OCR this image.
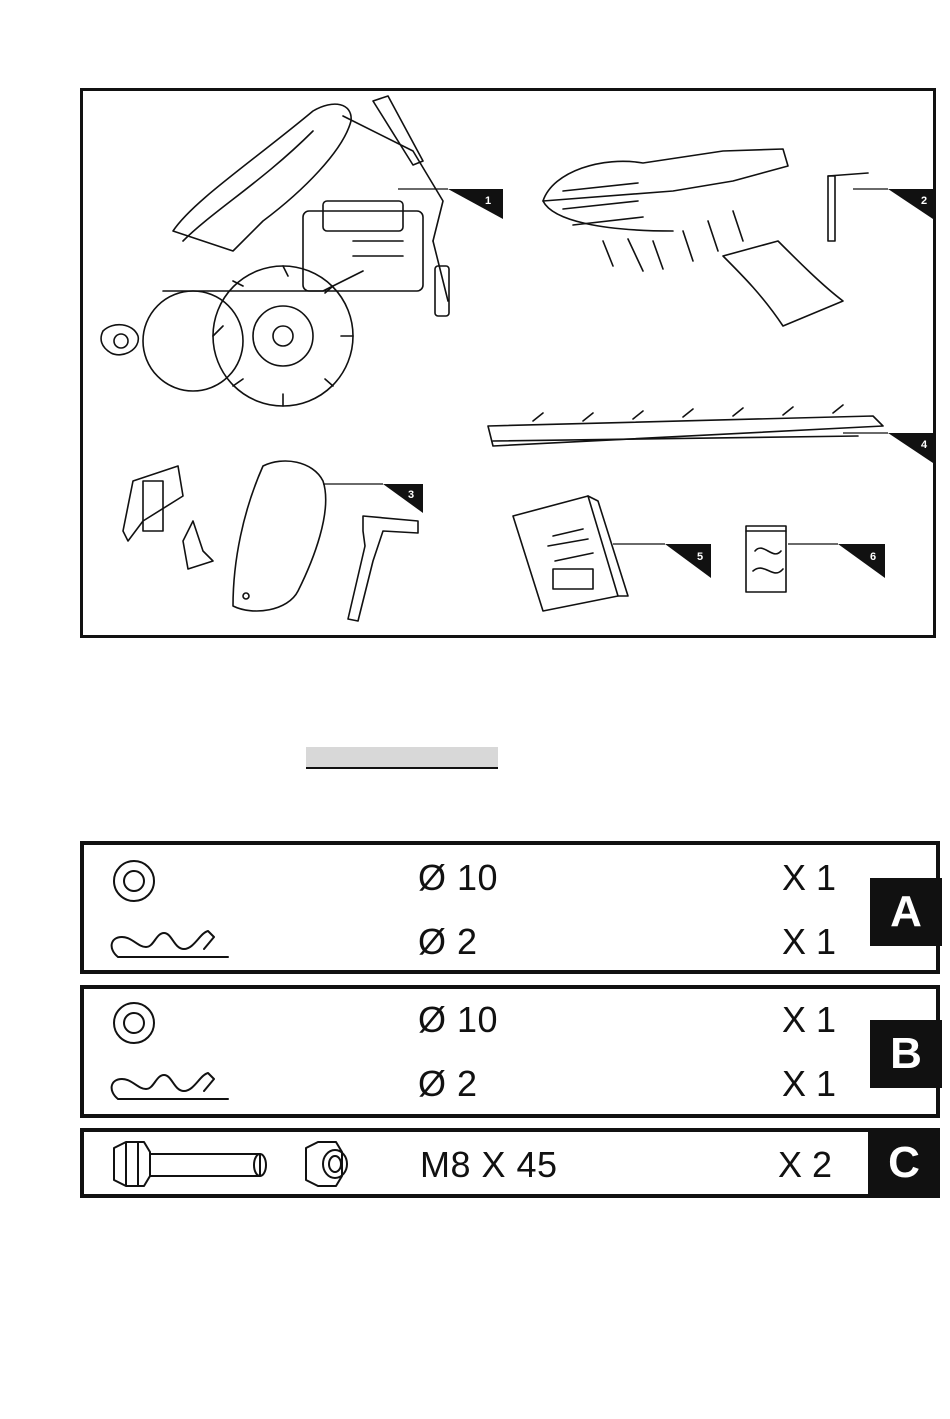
1	2
4
3
5	6
Ø 10	X 1
Ø 2	X 1
A
Ø 10	X 1
Ø 2	X 1
B
M8 X 45	X 2	C
